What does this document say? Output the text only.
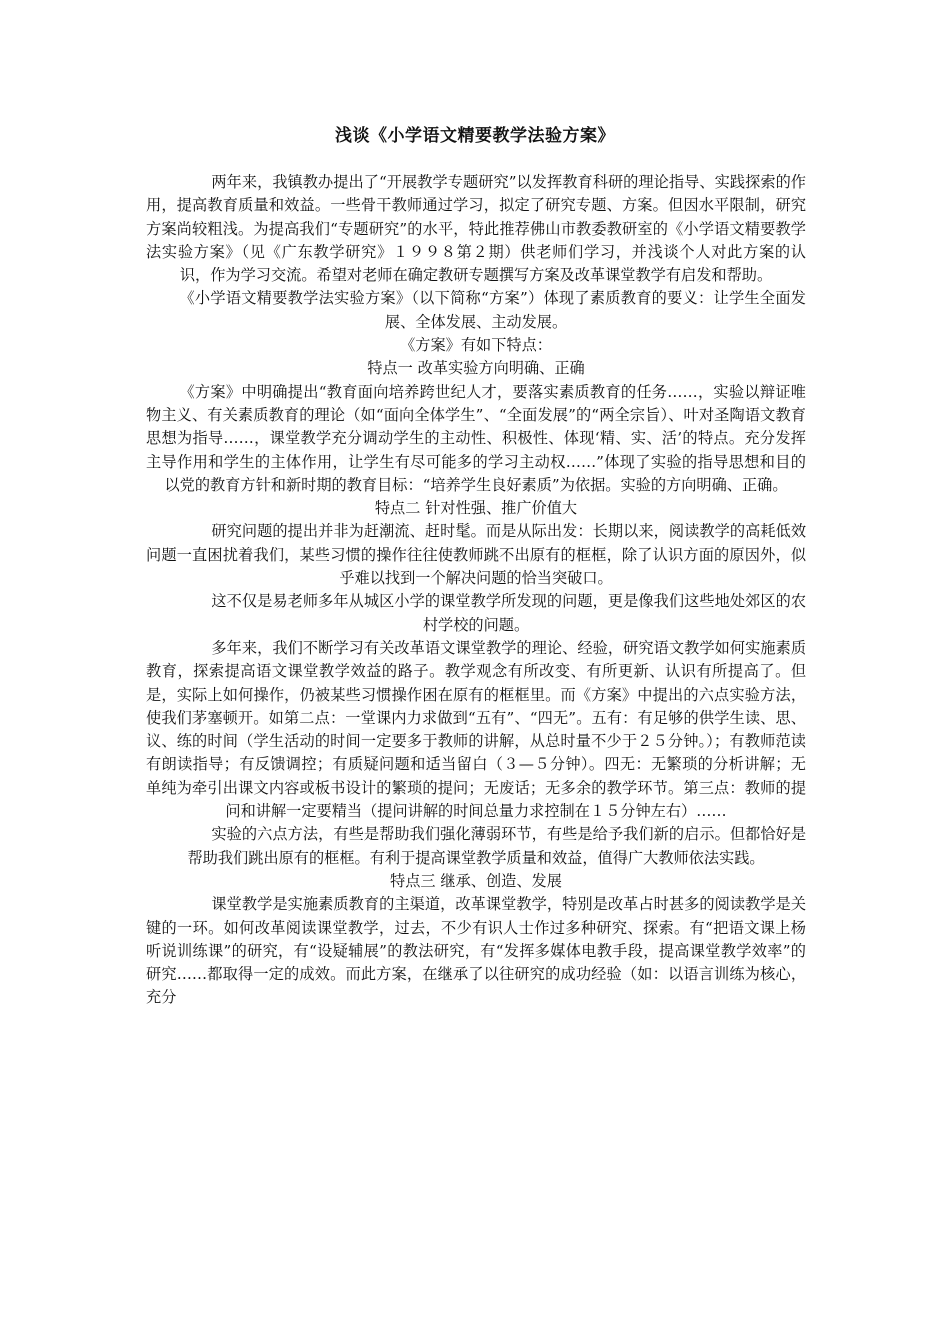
浅谈《小学语文精要教学法验方案》

两年来，我镇教办提出了“开展教学专题研究”以发挥教育科研的理论指导、实践探索的作用，提高教育质量和效益。一些骨干教师通过学习，拟定了研究专题、方案。但因水平限制，研究方案尚较粗浅。为提高我们“专题研究”的水平，特此推荐佛山市教委教研室的《小学语文精要教学法实验方案》（见《广东教学研究》１９９８第２期）供老师们学习，并浅谈个人对此方案的认识，作为学习交流。希望对老师在确定教研专题撰写方案及改革课堂教学有启发和帮助。

《小学语文精要教学法实验方案》（以下简称“方案”）体现了素质教育的要义：让学生全面发展、全体发展、主动发展。

《方案》有如下特点：

特点一 改革实验方向明确、正确

《方案》中明确提出“教育面向培养跨世纪人才，要落实素质教育的任务……，实验以辩证唯物主义、有关素质教育的理论（如“面向全体学生”、“全面发展”的“两全宗旨）、叶对圣陶语文教育思想为指导……，课堂教学充分调动学生的主动性、积极性、体现‘精、实、活’的特点。充分发挥主导作用和学生的主体作用，让学生有尽可能多的学习主动权……”体现了实验的指导思想和目的以党的教育方针和新时期的教育目标：“培养学生良好素质”为依据。实验的方向明确、正确。

特点二 针对性强、推广价值大

研究问题的提出并非为赶潮流、赶时髦。而是从际出发：长期以来，阅读教学的高耗低效问题一直困扰着我们，某些习惯的操作往往使教师跳不出原有的框框，除了认识方面的原因外，似乎难以找到一个解决问题的恰当突破口。

这不仅是易老师多年从城区小学的课堂教学所发现的问题，更是像我们这些地处郊区的农村学校的问题。

多年来，我们不断学习有关改革语文课堂教学的理论、经验，研究语文教学如何实施素质教育，探索提高语文课堂教学效益的路子。教学观念有所改变、有所更新、认识有所提高了。但是，实际上如何操作，仍被某些习惯操作困在原有的框框里。而《方案》中提出的六点实验方法，使我们茅塞顿开。如第二点：一堂课内力求做到“五有”、“四无”。五有：有足够的供学生读、思、议、练的时间（学生活动的时间一定要多于教师的讲解，从总时量不少于２５分钟。）；有教师范读有朗读指导；有反馈调控；有质疑问题和适当留白（３—５分钟）。四无：无繁琐的分析讲解；无单纯为牵引出课文内容或板书设计的繁琐的提问；无废话；无多余的教学环节。第三点：教师的提问和讲解一定要精当（提问讲解的时间总量力求控制在１５分钟左右）……

实验的六点方法，有些是帮助我们强化薄弱环节，有些是给予我们新的启示。但都恰好是帮助我们跳出原有的框框。有利于提高课堂教学质量和效益，值得广大教师依法实践。

特点三 继承、创造、发展

课堂教学是实施素质教育的主渠道，改革课堂教学，特别是改革占时甚多的阅读教学是关键的一环。如何改革阅读课堂教学，过去，不少有识人士作过多种研究、探索。有“把语文课上杨听说训练课”的研究，有“设疑辅展”的教法研究，有“发挥多媒体电教手段，提高课堂教学效率”的研究……都取得一定的成效。而此方案，在继承了以往研究的成功经验（如：以语言训练为核心，充分
